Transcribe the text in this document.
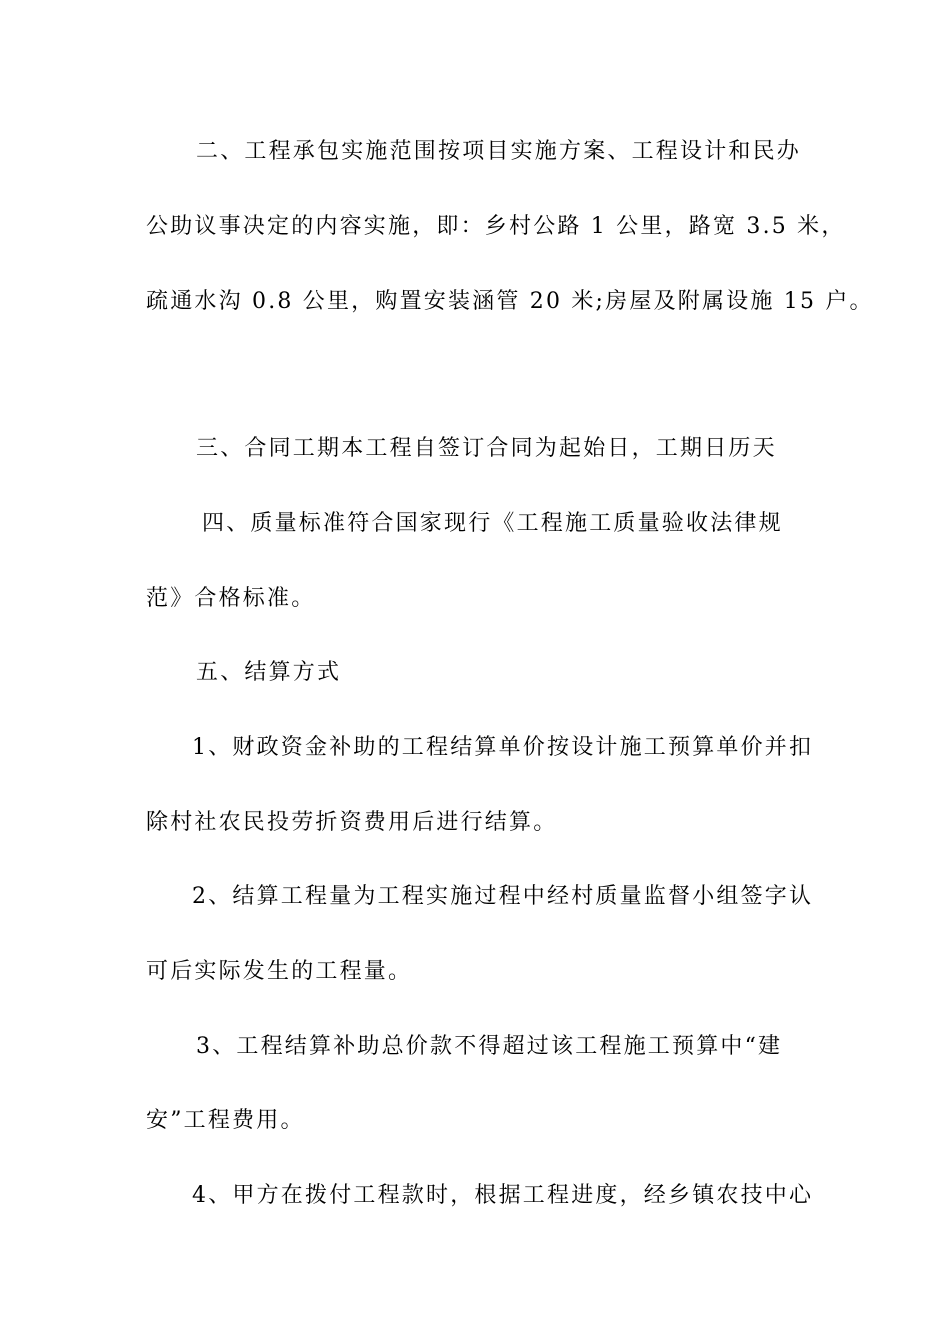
二、工程承包实施范围按项目实施方案、工程设计和民办
公助议事决定的内容实施，即：乡村公路 1 公里，路宽 3.5 米，
疏通水沟 0.8 公里，购置安装涵管 20 米;房屋及附属设施 15 户。
三、合同工期本工程自签订合同为起始日，工期日历天
四、质量标准符合国家现行《工程施工质量验收法律规
范》合格标准。
五、结算方式
1、财政资金补助的工程结算单价按设计施工预算单价并扣
除村社农民投劳折资费用后进行结算。
2、结算工程量为工程实施过程中经村质量监督小组签字认
可后实际发生的工程量。
3、工程结算补助总价款不得超过该工程施工预算中“建
安”工程费用。
4、甲方在拨付工程款时，根据工程进度，经乡镇农技中心
